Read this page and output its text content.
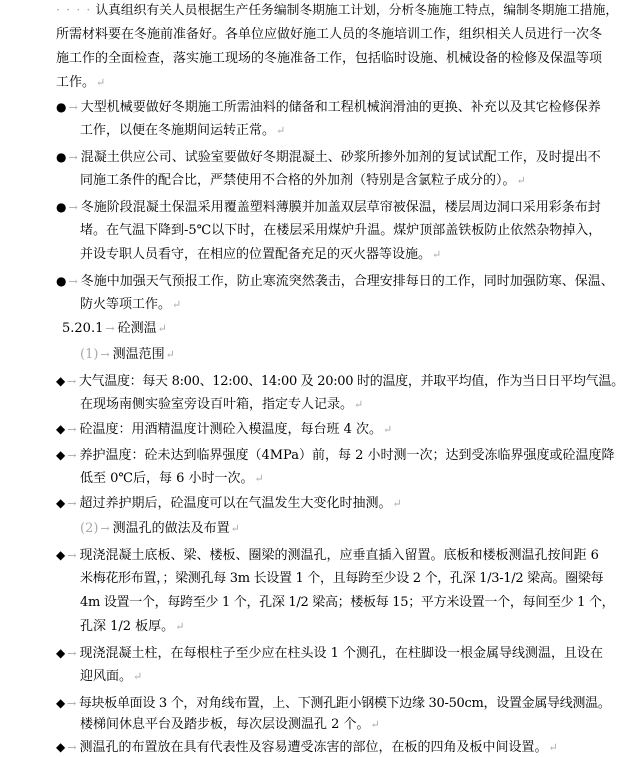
· · · · 认真组织有关人员根据生产任务编制冬期施工计划，分析冬施施工特点，编制冬期施工措施，
所需材料要在冬施前准备好。各单位应做好施工人员的冬施培训工作，组织相关人员进行一次冬
施工作的全面检查，落实施工现场的冬施准备工作，包括临时设施、机械设备的检修及保温等项
工作。↵
● → 大型机械要做好冬期施工所需油料的储备和工程机械润滑油的更换、补充以及其它检修保养
工作，以便在冬施期间运转正常。↵
● → 混凝土供应公司、试验室要做好冬期混凝土、砂浆所掺外加剂的复试试配工作，及时提出不
同施工条件的配合比，严禁使用不合格的外加剂（特别是含氯粒子成分的）。↵
● → 冬施阶段混凝土保温采用覆盖塑料薄膜并加盖双层草帘被保温，楼层周边洞口采用彩条布封
堵。在气温下降到-5℃以下时，在楼层采用煤炉升温。煤炉顶部盖铁板防止依然杂物掉入，
并设专职人员看守，在相应的位置配备充足的灭火器等设施。↵
● → 冬施中加强天气预报工作，防止寒流突然袭击，合理安排每日的工作，同时加强防寒、保温、
防火等项工作。↵
5.20.1 → 砼测温↵
(1) → 测温范围↵
◆ → 大气温度：每天 8:00、12:00、14:00 及 20:00 时的温度，并取平均值，作为当日日平均气温。
在现场南侧实验室旁设百叶箱，指定专人记录。↵
◆ → 砼温度：用酒精温度计测砼入模温度，每台班 4 次。↵
◆ → 养护温度：砼未达到临界强度（4MPa）前，每 2 小时测一次；达到受冻临界强度或砼温度降
低至 0℃后，每 6 小时一次。↵
◆ → 超过养护期后，砼温度可以在气温发生大变化时抽测。↵
(2) → 测温孔的做法及布置↵
◆ → 现浇混凝土底板、梁、楼板、圈梁的测温孔，应垂直插入留置。底板和楼板测温孔按间距 6
米梅花形布置，；梁测孔每 3m 长设置 1 个，且每跨至少设 2 个，孔深 1/3-1/2 梁高。圈梁每
4m 设置一个，每跨至少 1 个，孔深 1/2 梁高；楼板每 15；平方米设置一个，每间至少 1 个，
孔深 1/2 板厚。↵
◆ → 现浇混凝土柱，在每根柱子至少应在柱头设 1 个测孔，在柱脚设一根金属导线测温，且设在
迎风面。↵
◆ → 每块板单面设 3 个，对角线布置，上、下测孔距小钢模下边缘 30-50cm，设置金属导线测温。
楼梯间休息平台及踏步板，每次层设测温孔 2 个。↵
◆ → 测温孔的布置放在具有代表性及容易遭受冻害的部位，在板的四角及板中间设置。↵
